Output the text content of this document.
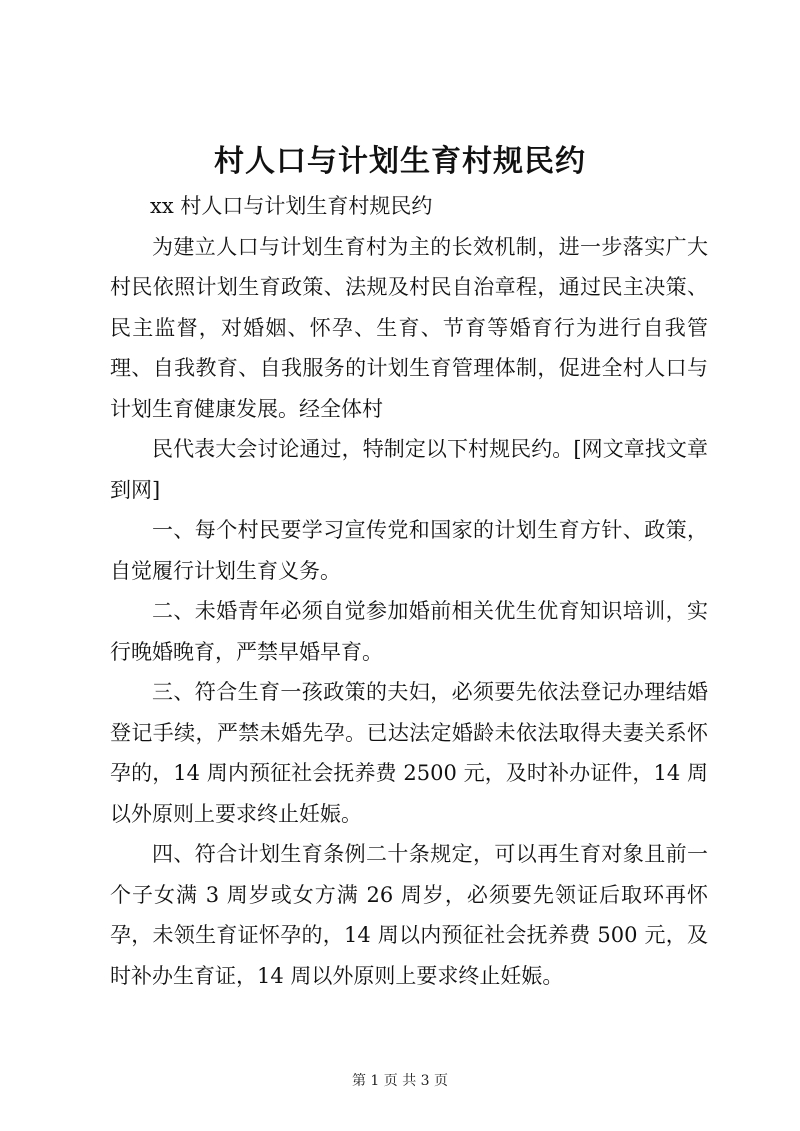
村人口与计划生育村规民约

xx 村人口与计划生育村规民约

为建立人口与计划生育村为主的长效机制，进一步落实广大村民依照计划生育政策、法规及村民自治章程，通过民主决策、民主监督，对婚姻、怀孕、生育、节育等婚育行为进行自我管理、自我教育、自我服务的计划生育管理体制，促进全村人口与计划生育健康发展。经全体村

民代表大会讨论通过，特制定以下村规民约。[网文章找文章到网]

一、每个村民要学习宣传党和国家的计划生育方针、政策，自觉履行计划生育义务。

二、未婚青年必须自觉参加婚前相关优生优育知识培训，实行晚婚晚育，严禁早婚早育。

三、符合生育一孩政策的夫妇，必须要先依法登记办理结婚登记手续，严禁未婚先孕。已达法定婚龄未依法取得夫妻关系怀孕的，14 周内预征社会抚养费 2500 元，及时补办证件，14 周以外原则上要求终止妊娠。

四、符合计划生育条例二十条规定，可以再生育对象且前一个子女满 3 周岁或女方满 26 周岁，必须要先领证后取环再怀孕，未领生育证怀孕的，14 周以内预征社会抚养费 500 元，及时补办生育证，14 周以外原则上要求终止妊娠。

第 1 页 共 3 页
